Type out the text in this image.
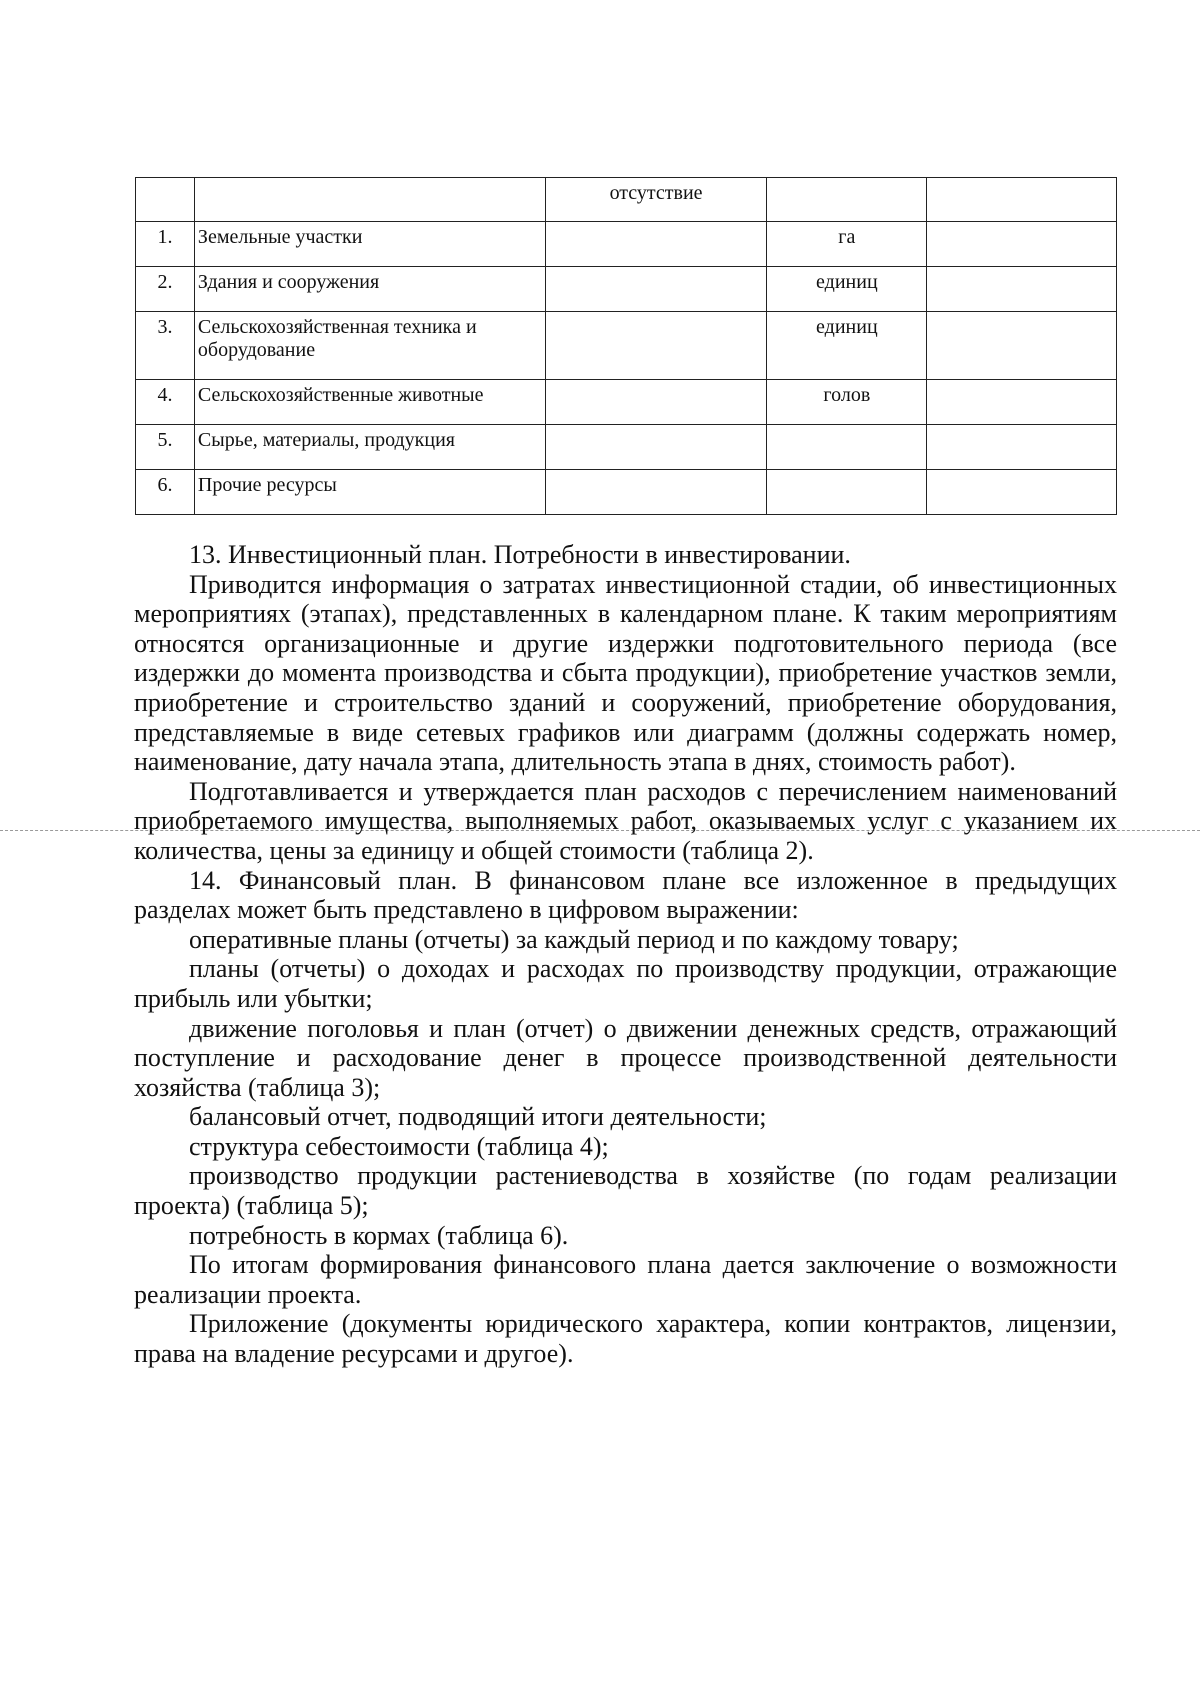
		отсутствие		
1.	Земельные участки		га	
2.	Здания и сооружения		единиц	
3.	Сельскохозяйственная техника и оборудование		единиц	
4.	Сельскохозяйственные животные		голов	
5.	Сырье, материалы, продукция			
6.	Прочие ресурсы			

13. Инвестиционный план. Потребности в инвестировании.

Приводится информация о затратах инвестиционной стадии, об инвестиционных мероприятиях (этапах), представленных в календарном плане. К таким мероприятиям относятся организационные и другие издержки подготовительного периода (все издержки до момента производства и сбыта продукции), приобретение участков земли, приобретение и строительство зданий и сооружений, приобретение оборудования, представляемые в виде сетевых графиков или диаграмм (должны содержать номер, наименование, дату начала этапа, длительность этапа в днях, стоимость работ).

Подготавливается и утверждается план расходов с перечислением наименований приобретаемого имущества, выполняемых работ, оказываемых услуг с указанием их количества, цены за единицу и общей стоимости (таблица 2).

14. Финансовый план. В финансовом плане все изложенное в предыдущих разделах может быть представлено в цифровом выражении:

оперативные планы (отчеты) за каждый период и по каждому товару;

планы (отчеты) о доходах и расходах по производству продукции, отражающие прибыль или убытки;

движение поголовья и план (отчет) о движении денежных средств, отражающий поступление и расходование денег в процессе производственной деятельности хозяйства (таблица 3);

балансовый отчет, подводящий итоги деятельности;

структура себестоимости (таблица 4);

производство продукции растениеводства в хозяйстве (по годам реализации проекта) (таблица 5);

потребность в кормах (таблица 6).

По итогам формирования финансового плана дается заключение о возможности реализации проекта.

Приложение (документы юридического характера, копии контрактов, лицензии, права на владение ресурсами и другое).
